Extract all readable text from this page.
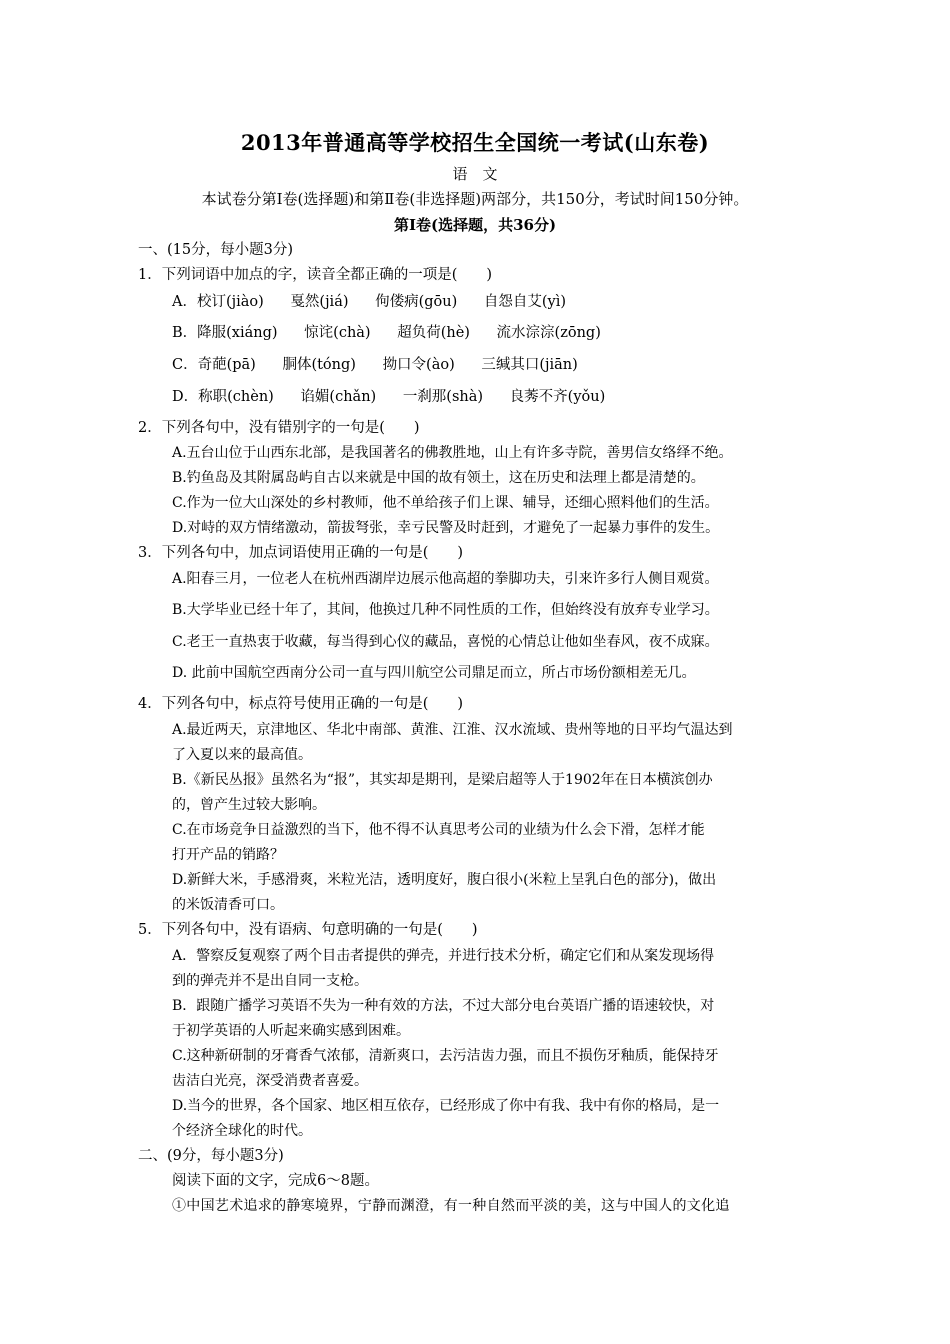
2013年普通高等学校招生全国统一考试(山东卷)
语　文
本试卷分第Ⅰ卷(选择题)和第Ⅱ卷(非选择题)两部分，共150分，考试时间150分钟。
第Ⅰ卷(选择题，共36分)
一、(15分，每小题3分)
1．下列词语中加点的字，读音全都正确的一项是(　　)
A．校订(jiào) 戛然(jiá) 佝偻病(gōu) 自怨自艾(yì)
B．降服(xiáng) 惊诧(chà) 超负荷(hè) 流水淙淙(zōng)
C．奇葩(pā) 胴体(tóng) 拗口令(ào) 三缄其口(jiān)
D．称职(chèn) 谄媚(chǎn) 一刹那(shà) 良莠不齐(yǒu)
2．下列各句中，没有错别字的一句是(　　)
A.五台山位于山西东北部，是我国著名的佛教胜地，山上有许多寺院，善男信女络绎不绝。
B.钓鱼岛及其附属岛屿自古以来就是中国的故有领土，这在历史和法理上都是清楚的。
C.作为一位大山深处的乡村教师，他不单给孩子们上课、辅导，还细心照料他们的生活。
D.对峙的双方情绪激动，箭拔弩张，幸亏民警及时赶到，才避免了一起暴力事件的发生。
3．下列各句中，加点词语使用正确的一句是(　　)
A.阳春三月，一位老人在杭州西湖岸边展示他高超的拳脚功夫，引来许多行人侧目观赏。
B.大学毕业已经十年了，其间，他换过几种不同性质的工作，但始终没有放弃专业学习。
C.老王一直热衷于收藏，每当得到心仪的藏品，喜悦的心情总让他如坐春风，夜不成寐。
D. 此前中国航空西南分公司一直与四川航空公司鼎足而立，所占市场份额相差无几。
4．下列各句中，标点符号使用正确的一句是(　　)
A.最近两天，京津地区、华北中南部、黄淮、江淮、汉水流域、贵州等地的日平均气温达到
了入夏以来的最高值。
B.《新民丛报》虽然名为“报”，其实却是期刊，是梁启超等人于1902年在日本横滨创办
的，曾产生过较大影响。
C.在市场竞争日益激烈的当下，他不得不认真思考公司的业绩为什么会下滑，怎样才能
打开产品的销路？
D.新鲜大米，手感滑爽，米粒光洁，透明度好，腹白很小(米粒上呈乳白色的部分)，做出
的米饭清香可口。
5．下列各句中，没有语病、句意明确的一句是(　　)
A．警察反复观察了两个目击者提供的弹壳，并进行技术分析，确定它们和从案发现场得
到的弹壳并不是出自同一支枪。
B．跟随广播学习英语不失为一种有效的方法，不过大部分电台英语广播的语速较快，对
于初学英语的人听起来确实感到困难。
C.这种新研制的牙膏香气浓郁，清新爽口，去污洁齿力强，而且不损伤牙釉质，能保持牙
齿洁白光亮，深受消费者喜爱。
D.当今的世界，各个国家、地区相互依存，已经形成了你中有我、我中有你的格局，是一
个经济全球化的时代。
二、(9分，每小题3分)
阅读下面的文字，完成6～8题。
①中国艺术追求的静寒境界，宁静而渊澄，有一种自然而平淡的美，这与中国人的文化追
